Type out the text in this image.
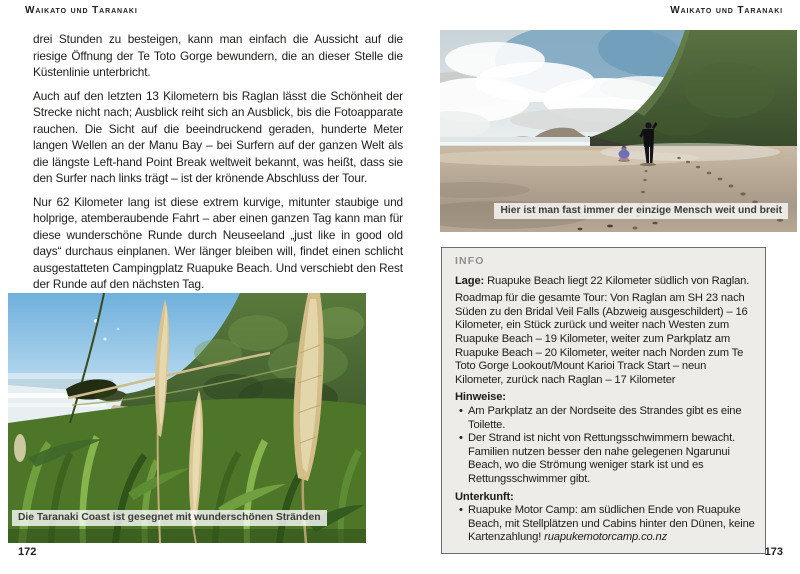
Waikato und Taranaki

drei Stunden zu besteigen, kann man einfach die Aussicht auf die riesige Öffnung der Te Toto Gorge bewundern, die an dieser Stelle die Küstenlinie unterbricht.

Auch auf den letzten 13 Kilometern bis Raglan lässt die Schönheit der Strecke nicht nach; Ausblick reiht sich an Ausblick, bis die Fotoapparate rauchen. Die Sicht auf die beeindruckend geraden, hunderte Meter langen Wellen an der Manu Bay – bei Surfern auf der ganzen Welt als die längste Left-hand Point Break weltweit bekannt, was heißt, dass sie den Surfer nach links trägt – ist der krönende Abschluss der Tour.

Nur 62 Kilometer lang ist diese extrem kurvige, mitunter staubige und holprige, atemberaubende Fahrt – aber einen ganzen Tag kann man für diese wunderschöne Runde durch Neuseeland „just like in good old days“ durchaus einplanen. Wer länger bleiben will, findet einen schlicht ausgestatteten Campingplatz Ruapuke Beach. Und verschiebt den Rest der Runde auf den nächsten Tag.

Die Taranaki Coast ist gesegnet mit wunderschönen Stränden
172
Waikato und Taranaki
Hier ist man fast immer der einzige Mensch weit und breit
INFO

Lage: Ruapuke Beach liegt 22 Kilometer südlich von Raglan.

Roadmap für die gesamte Tour: Von Raglan am SH 23 nach Süden zu den Bridal Veil Falls (Abzweig ausgeschildert) – 16 Kilometer, ein Stück zurück und weiter nach Westen zum Ruapuke Beach – 19 Kilometer, weiter zum Parkplatz am Ruapuke Beach – 20 Kilometer, weiter nach Norden zum Te Toto Gorge Lookout/Mount Karioi Track Start – neun Kilometer, zurück nach Raglan – 17 Kilometer

Hinweise:

• Am Parkplatz an der Nordseite des Strandes gibt es eine Toilette.
• Der Strand ist nicht von Rettungsschwimmern bewacht. Familien nutzen besser den nahe gelegenen Ngarunui Beach, wo die Strömung weniger stark ist und es Rettungsschwimmer gibt.

Unterkunft:

• Ruapuke Motor Camp: am südlichen Ende von Ruapuke Beach, mit Stellplätzen und Cabins hinter den Dünen, keine Kartenzahlung! ruapukemotorcamp.co.nz
173
